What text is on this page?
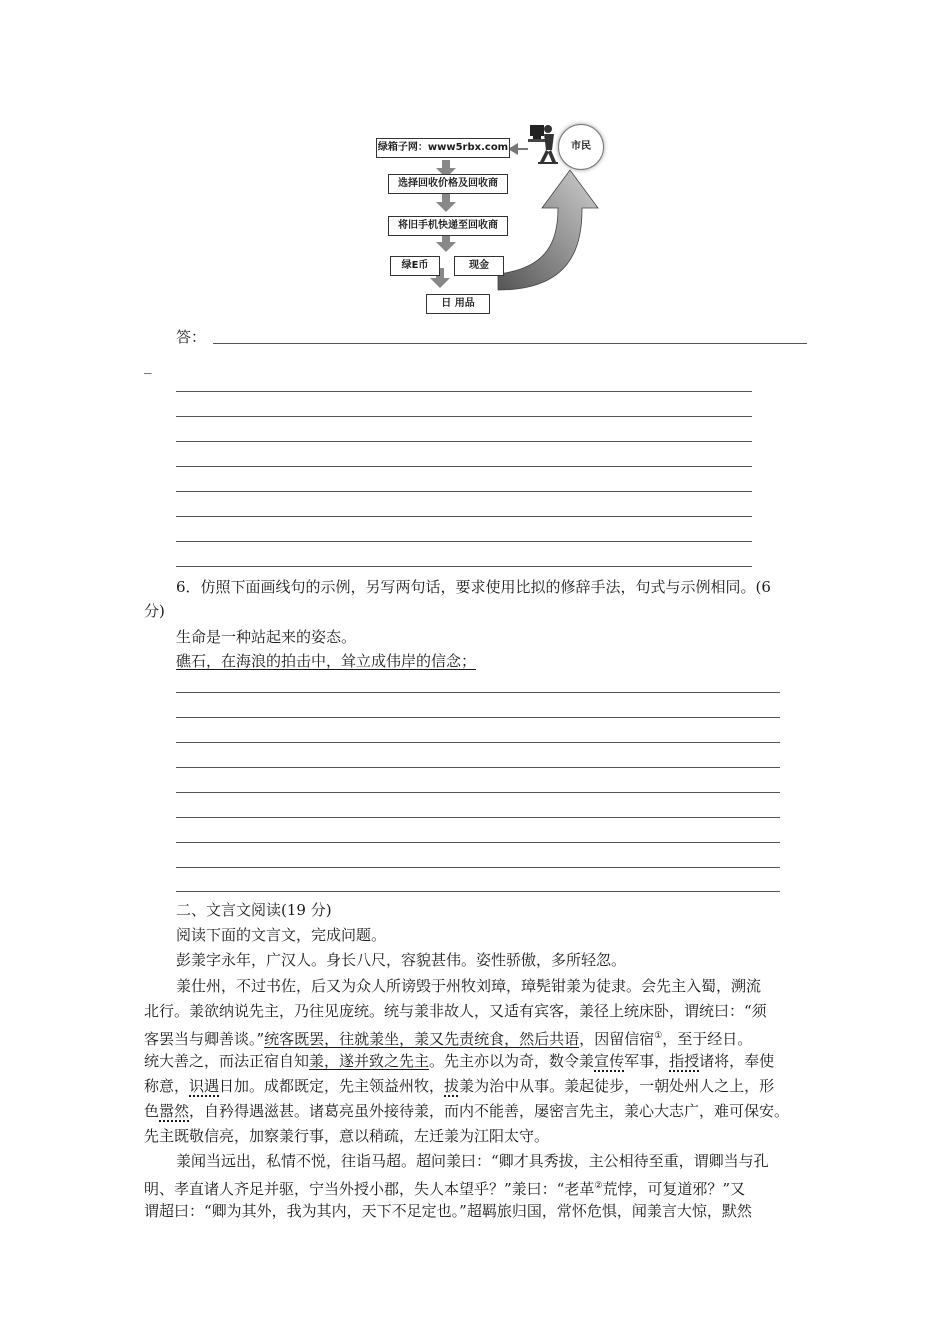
绿箱子网：www5rbx.com	市民
选择回收价格及回收商
将旧手机快递至回收商
绿E币	现金
日 用品
答：
_
6．仿照下面画线句的示例，另写两句话，要求使用比拟的修辞手法，句式与示例相同。(6
分)
生命是一种站起来的姿态。
礁石，在海浪的拍击中，耸立成伟岸的信念；
二、文言文阅读(19 分)
阅读下面的文言文，完成问题。
彭羕字永年，广汉人。身长八尺，容貌甚伟。姿性骄傲，多所轻忽。
羕仕州，不过书佐，后又为众人所谤毁于州牧刘璋，璋髡钳羕为徒隶。会先主入蜀，溯流
北行。羕欲纳说先主，乃往见庞统。统与羕非故人，又适有宾客，羕径上统床卧，谓统曰：“须
客罢当与卿善谈。”统客既罢，往就羕坐，羕又先责统食，然后共语，因留信宿①，至于经日。
统大善之，而法正宿自知羕，遂并致之先主。先主亦以为奇，数令羕宣传军事，指授诸将，奉使
称意，识遇日加。成都既定，先主领益州牧，拔羕为治中从事。羕起徒步，一朝处州人之上，形
色嚣然，自矜得遇滋甚。诸葛亮虽外接待羕，而内不能善，屡密言先主，羕心大志广，难可保安。
先主既敬信亮，加察羕行事，意以稍疏，左迁羕为江阳太守。
羕闻当远出，私情不悦，往诣马超。超问羕曰：“卿才具秀拔，主公相待至重，谓卿当与孔
明、孝直诸人齐足并驱，宁当外授小郡，失人本望乎？”羕曰：“老革②荒悖，可复道邪？”又
谓超曰：“卿为其外，我为其内，天下不足定也。”超羁旅归国，常怀危惧，闻羕言大惊，默然
